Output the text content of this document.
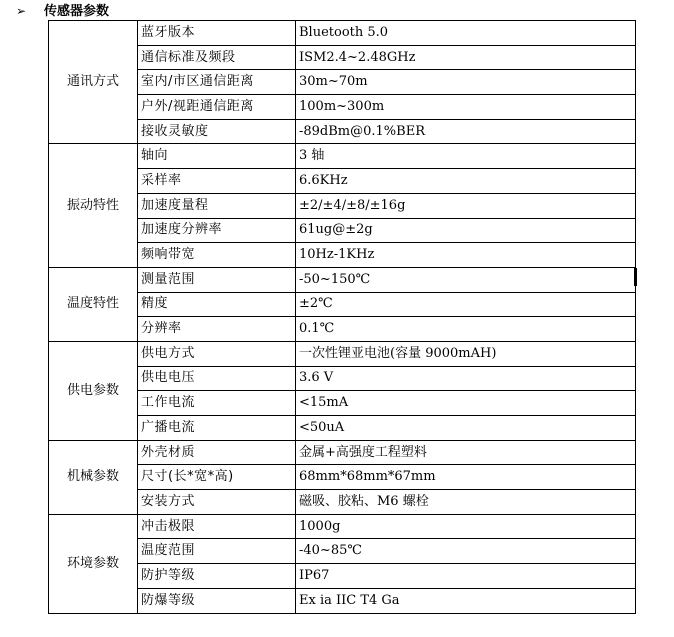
➢ 传感器参数
通讯方式	蓝牙版本	Bluetooth 5.0
	通信标准及频段	ISM2.4~2.48GHz
	室内/市区通信距离	30m~70m
	户外/视距通信距离	100m~300m
	接收灵敏度	-89dBm@0.1%BER
振动特性	轴向	3 轴
	采样率	6.6KHz
	加速度量程	±2/±4/±8/±16g
	加速度分辨率	61ug@±2g
	频响带宽	10Hz-1KHz
温度特性	测量范围	-50~150℃
	精度	±2℃
	分辨率	0.1℃
供电参数	供电方式	一次性锂亚电池(容量 9000mAH)
	供电电压	3.6 V
	工作电流	<15mA
	广播电流	<50uA
机械参数	外壳材质	金属+高强度工程塑料
	尺寸(长*宽*高)	68mm*68mm*67mm
	安装方式	磁吸、胶粘、M6 螺栓
环境参数	冲击极限	1000g
	温度范围	-40~85℃
	防护等级	IP67
	防爆等级	Ex ia IIC T4 Ga
